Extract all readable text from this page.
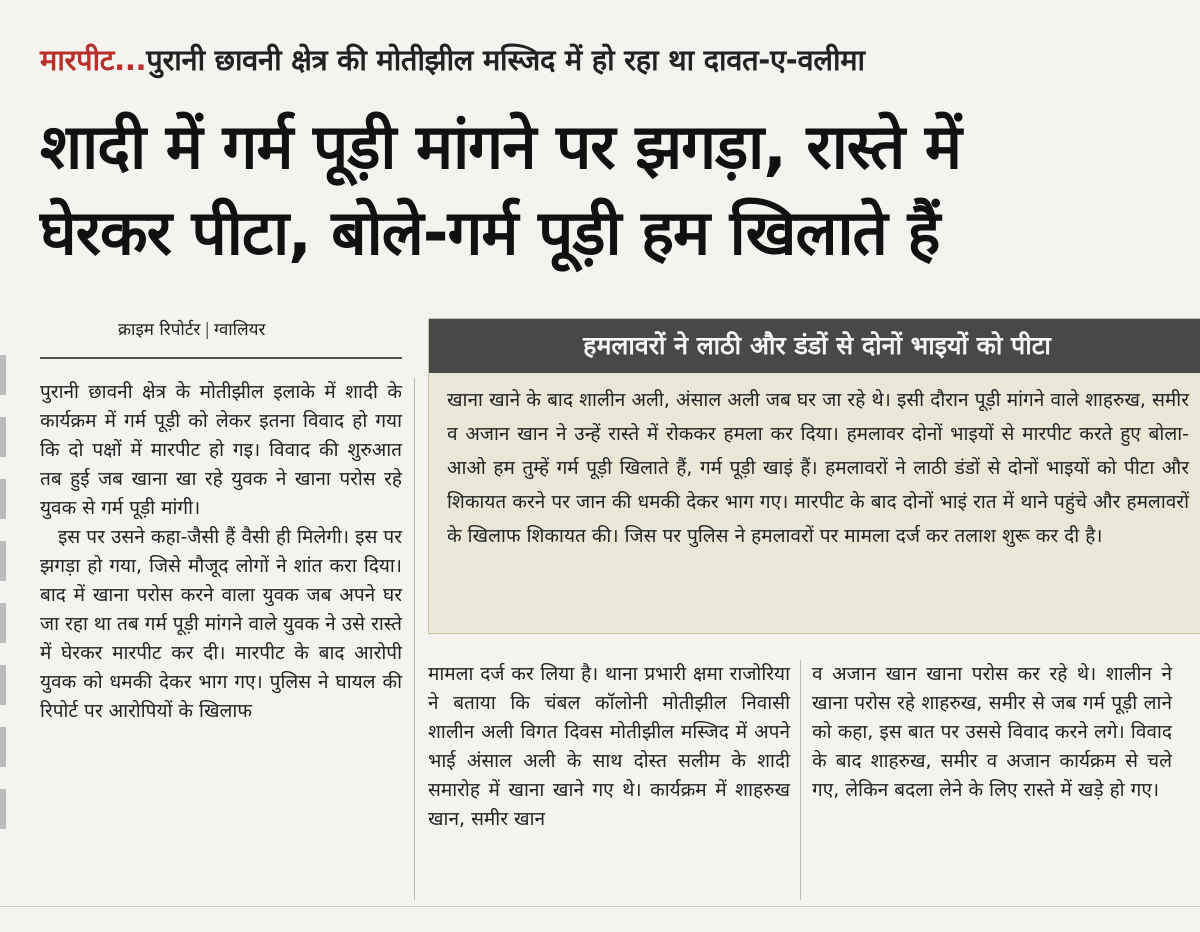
मारपीट...पुरानी छावनी क्षेत्र की मोतीझील मस्जिद में हो रहा था दावत-ए-वलीमा
शादी में गर्म पूड़ी मांगने पर झगड़ा, रास्ते में
घेरकर पीटा, बोले-गर्म पूड़ी हम खिलाते हैं
क्राइम रिपोर्टर | ग्वालियर

पुरानी छावनी क्षेत्र के मोतीझील इलाके में शादी के कार्यक्रम में गर्म पूड़ी को लेकर इतना विवाद हो गया कि दो पक्षों में मारपीट हो गइ। विवाद की शुरुआत तब हुई जब खाना खा रहे युवक ने खाना परोस रहे युवक से गर्म पूड़ी मांगी।

इस पर उसने कहा-जैसी हैं वैसी ही मिलेगी। इस पर झगड़ा हो गया, जिसे मौजूद लोगों ने शांत करा दिया। बाद में खाना परोस करने वाला युवक जब अपने घर जा रहा था तब गर्म पूड़ी मांगने वाले युवक ने उसे रास्ते में घेरकर मारपीट कर दी। मारपीट के बाद आरोपी युवक को धमकी देकर भाग गए। पुलिस ने घायल की रिपोर्ट पर आरोपियों के खिलाफ

हमलावरों ने लाठी और डंडों से दोनों भाइयों को पीटा
खाना खाने के बाद शालीन अली, अंसाल अली जब घर जा रहे थे। इसी दौरान पूड़ी मांगने वाले शाहरुख, समीर व अजान खान ने उन्हें रास्ते में रोककर हमला कर दिया। हमलावर दोनों भाइयों से मारपीट करते हुए बोला-आओ हम तुम्हें गर्म पूड़ी खिलाते हैं, गर्म पूड़ी खाइं हैं। हमलावरों ने लाठी डंडों से दोनों भाइयों को पीटा और शिकायत करने पर जान की धमकी देकर भाग गए। मारपीट के बाद दोनों भाइं रात में थाने पहुंचे और हमलावरों के खिलाफ शिकायत की। जिस पर पुलिस ने हमलावरों पर मामला दर्ज कर तलाश शुरू कर दी है।

मामला दर्ज कर लिया है। थाना प्रभारी क्षमा राजोरिया ने बताया कि चंबल कॉलोनी मोतीझील निवासी शालीन अली विगत दिवस मोतीझील मस्जिद में अपने भाई अंसाल अली के साथ दोस्त सलीम के शादी समारोह में खाना खाने गए थे। कार्यक्रम में शाहरुख खान, समीर खान

व अजान खान खाना परोस कर रहे थे। शालीन ने खाना परोस रहे शाहरुख, समीर से जब गर्म पूड़ी लाने को कहा, इस बात पर उससे विवाद करने लगे। विवाद के बाद शाहरुख, समीर व अजान कार्यक्रम से चले गए, लेकिन बदला लेने के लिए रास्ते में खड़े हो गए।
